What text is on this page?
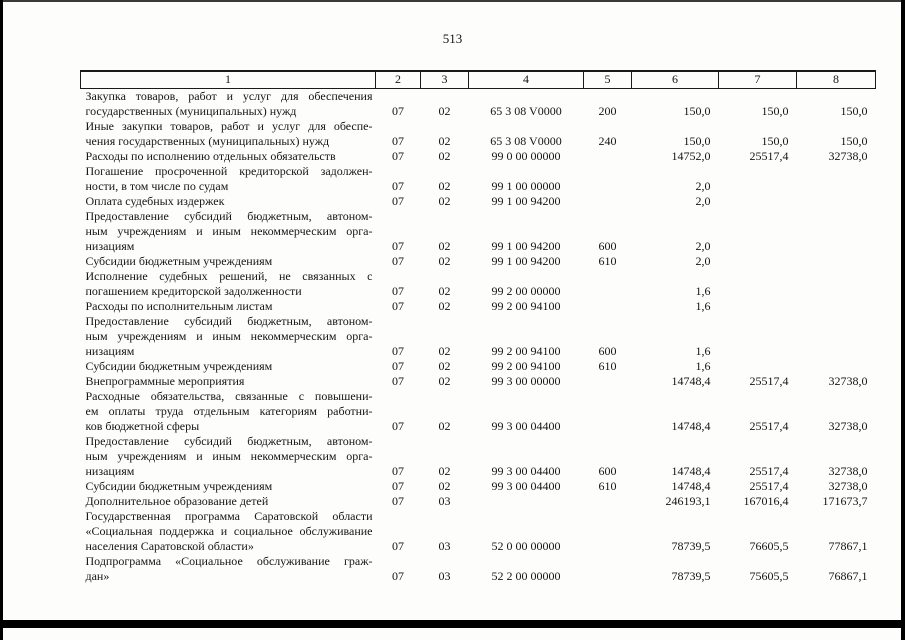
513
1	2	3	4	5	6	7	8

Закупка товаров, работ и услуг для обеспечения
государственных (муниципальных) нужд	07	02	65 3 08 V0000	200	150,0	150,0	150,0

Иные закупки товаров, работ и услуг для обеспе-
чения государственных (муниципальных) нужд	07	02	65 3 08 V0000	240	150,0	150,0	150,0

Расходы по исполнению отдельных обязательств	07	02	99 0 00 00000		14752,0	25517,4	32738,0

Погашение просроченной кредиторской задолжен-
ности, в том числе по судам	07	02	99 1 00 00000		2,0		

Оплата судебных издержек	07	02	99 1 00 94200		2,0		

Предоставление субсидий бюджетным, автоном-
ным учреждениям и иным некоммерческим орга-
низациям	07	02	99 1 00 94200	600	2,0		

Субсидии бюджетным учреждениям	07	02	99 1 00 94200	610	2,0		

Исполнение судебных решений, не связанных с
погашением кредиторской задолженности	07	02	99 2 00 00000		1,6		

Расходы по исполнительным листам	07	02	99 2 00 94100		1,6		

Предоставление субсидий бюджетным, автоном-
ным учреждениям и иным некоммерческим орга-
низациям	07	02	99 2 00 94100	600	1,6		

Субсидии бюджетным учреждениям	07	02	99 2 00 94100	610	1,6		

Внепрограммные мероприятия	07	02	99 3 00 00000		14748,4	25517,4	32738,0

Расходные обязательства, связанные с повышени-
ем оплаты труда отдельным категориям работни-
ков бюджетной сферы	07	02	99 3 00 04400		14748,4	25517,4	32738,0

Предоставление субсидий бюджетным, автоном-
ным учреждениям и иным некоммерческим орга-
низациям	07	02	99 3 00 04400	600	14748,4	25517,4	32738,0

Субсидии бюджетным учреждениям	07	02	99 3 00 04400	610	14748,4	25517,4	32738,0

Дополнительное образование детей	07	03			246193,1	167016,4	171673,7

Государственная программа Саратовской области
«Социальная поддержка и социальное обслуживание
населения Саратовской области»	07	03	52 0 00 00000		78739,5	76605,5	77867,1

Подпрограмма «Социальное обслуживание граж-
дан»	07	03	52 2 00 00000		78739,5	75605,5	76867,1
